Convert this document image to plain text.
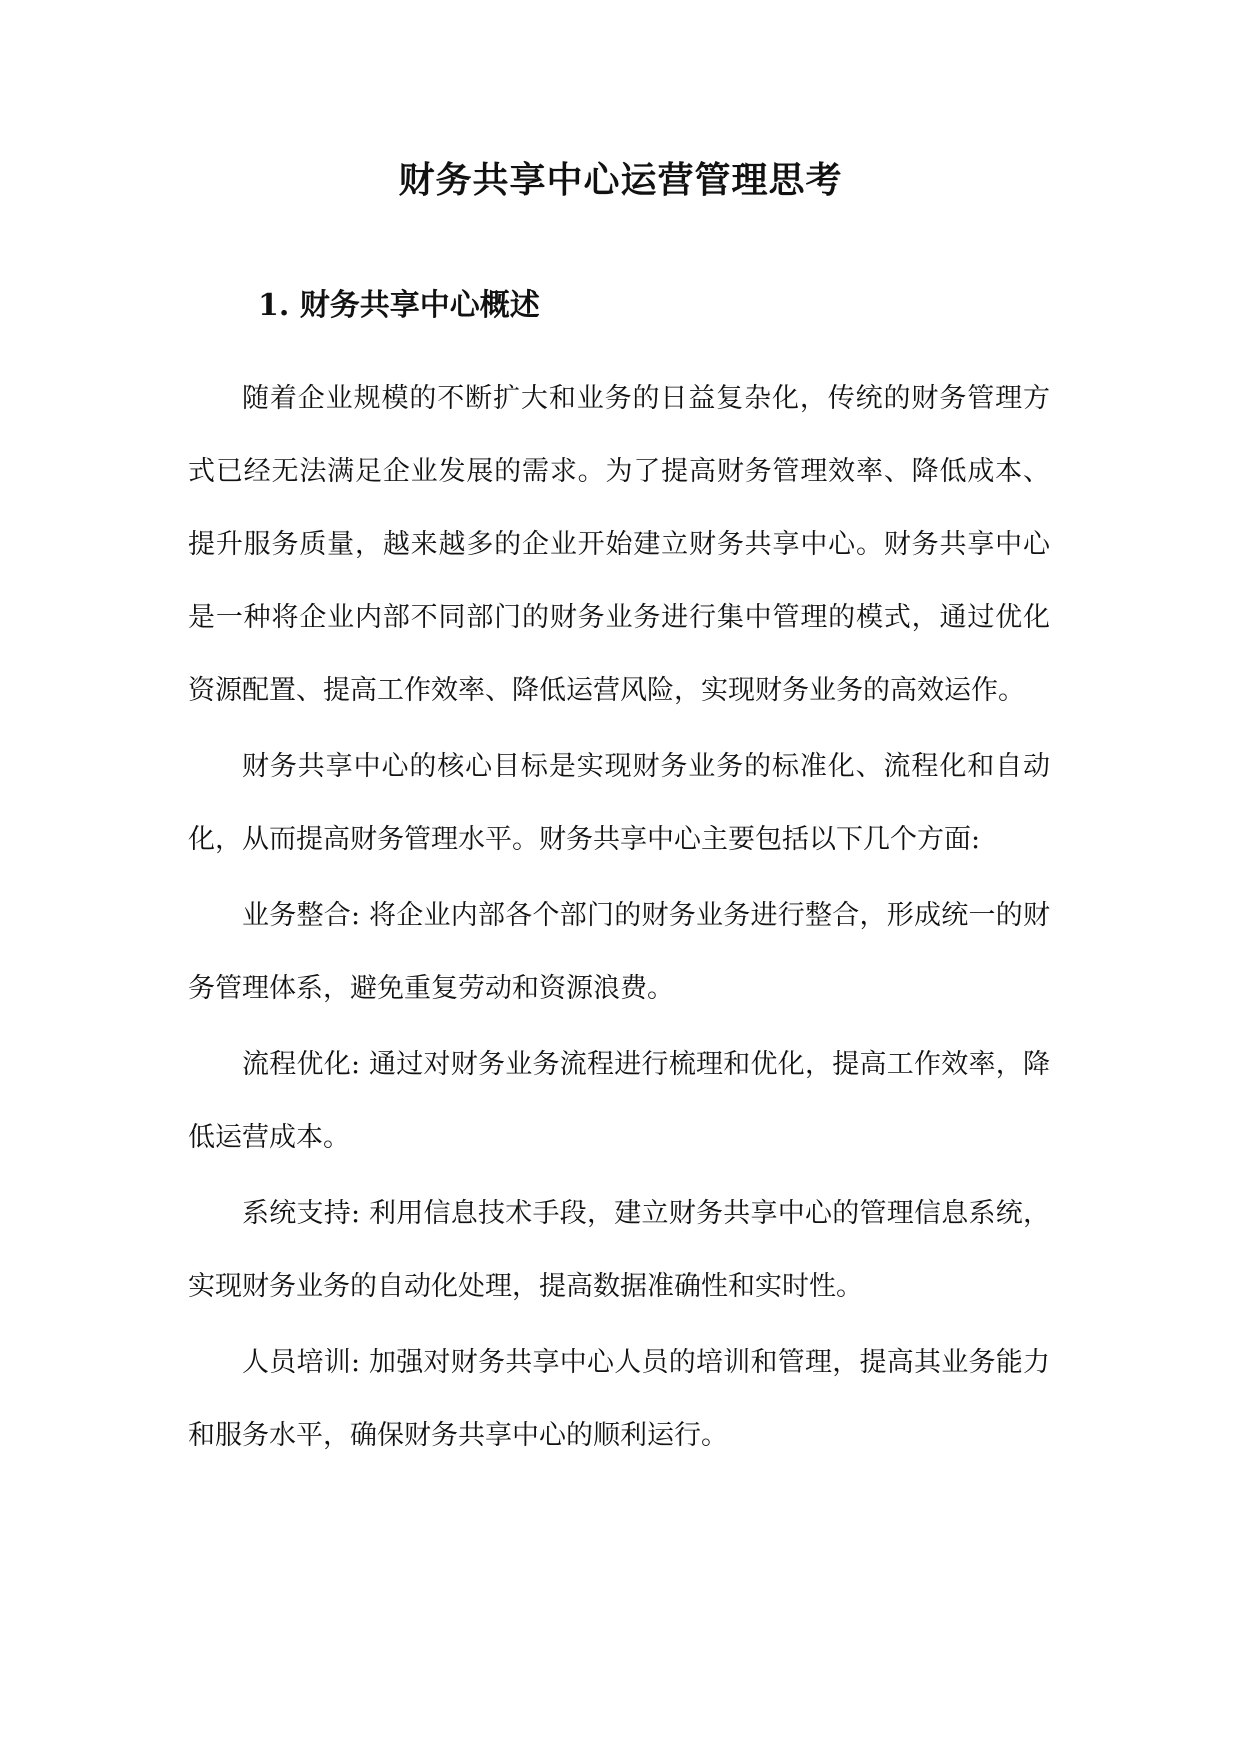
财务共享中心运营管理思考
1. 财务共享中心概述

随着企业规模的不断扩大和业务的日益复杂化，传统的财务管理方式已经无法满足企业发展的需求。为了提高财务管理效率、降低成本、提升服务质量，越来越多的企业开始建立财务共享中心。财务共享中心是一种将企业内部不同部门的财务业务进行集中管理的模式，通过优化资源配置、提高工作效率、降低运营风险，实现财务业务的高效运作。

财务共享中心的核心目标是实现财务业务的标准化、流程化和自动化，从而提高财务管理水平。财务共享中心主要包括以下几个方面:

业务整合: 将企业内部各个部门的财务业务进行整合，形成统一的财务管理体系，避免重复劳动和资源浪费。

流程优化: 通过对财务业务流程进行梳理和优化，提高工作效率，降低运营成本。

系统支持: 利用信息技术手段，建立财务共享中心的管理信息系统，实现财务业务的自动化处理，提高数据准确性和实时性。

人员培训: 加强对财务共享中心人员的培训和管理，提高其业务能力和服务水平，确保财务共享中心的顺利运行。
